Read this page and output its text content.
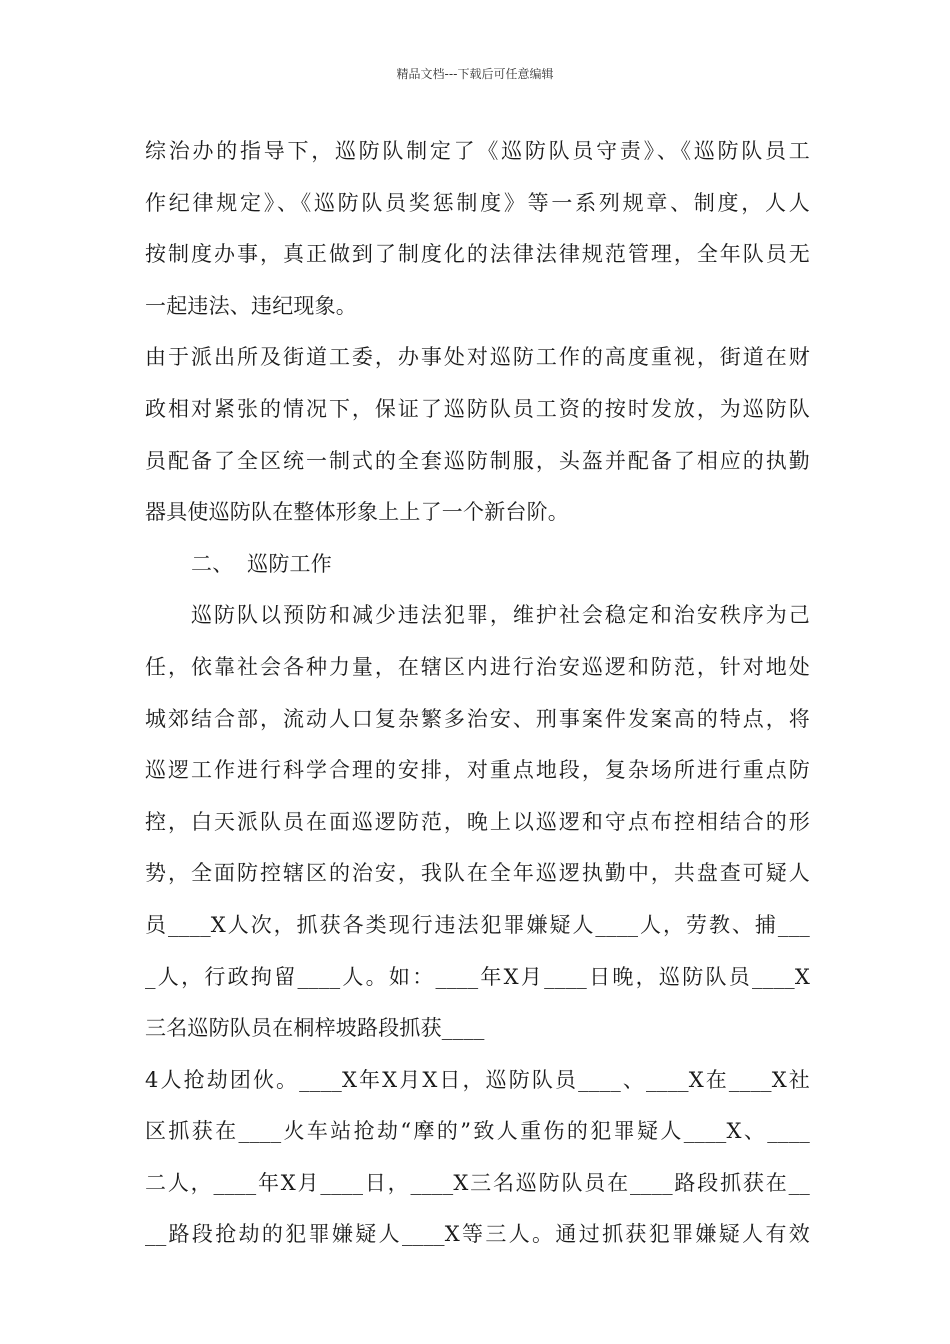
精品文档---下载后可任意编辑
综治办的指导下，巡防队制定了《巡防队员守责》、《巡防队员工
作纪律规定》、《巡防队员奖惩制度》等一系列规章、制度，人人
按制度办事，真正做到了制度化的法律法律规范管理，全年队员无
一起违法、违纪现象。
由于派出所及街道工委，办事处对巡防工作的高度重视，街道在财
政相对紧张的情况下，保证了巡防队员工资的按时发放，为巡防队
员配备了全区统一制式的全套巡防制服，头盔并配备了相应的执勤
器具使巡防队在整体形象上上了一个新台阶。
二、  巡防工作
巡防队以预防和减少违法犯罪，维护社会稳定和治安秩序为己
任，依靠社会各种力量，在辖区内进行治安巡逻和防范，针对地处
城郊结合部，流动人口复杂繁多治安、刑事案件发案高的特点，将
巡逻工作进行科学合理的安排，对重点地段，复杂场所进行重点防
控，白天派队员在面巡逻防范，晚上以巡逻和守点布控相结合的形
势，全面防控辖区的治安，我队在全年巡逻执勤中，共盘查可疑人
员____X人次，抓获各类现行违法犯罪嫌疑人____人，劳教、捕___
_人，行政拘留____人。如：____年X月____日晚，巡防队员____X
三名巡防队员在桐梓坡路段抓获____
4人抢劫团伙。____X年X月X日，巡防队员____、____X在____X社
区抓获在____火车站抢劫“摩的”致人重伤的犯罪疑人____X、____
二人，____年X月____日，____X三名巡防队员在____路段抓获在__
__路段抢劫的犯罪嫌疑人____X等三人。通过抓获犯罪嫌疑人有效
